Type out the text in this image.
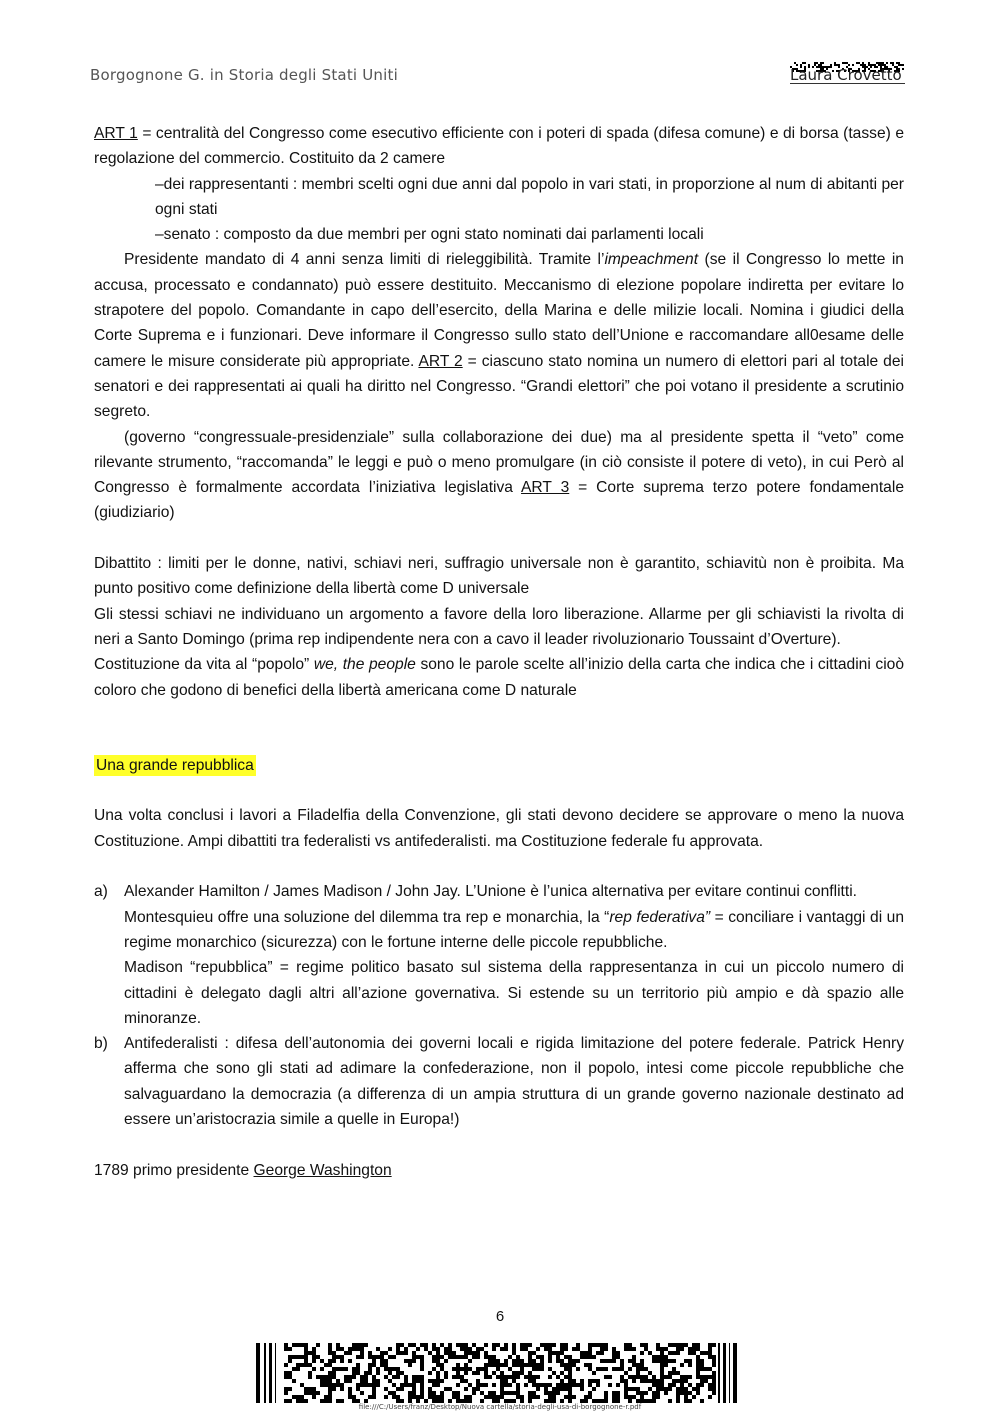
Borgognone G. in Storia degli Stati Uniti	Laura Crovetto

ART 1 = centralità del Congresso come esecutivo efficiente con i poteri di spada (difesa comune) e di borsa (tasse) e regolazione del commercio. Costituito da 2 camere

–dei rappresentanti : membri scelti ogni due anni dal popolo in vari stati, in proporzione al num di abitanti per ogni stati

–senato : composto da due membri per ogni stato nominati dai parlamenti locali

Presidente mandato di 4 anni senza limiti di rieleggibilità. Tramite l’impeachment (se il Congresso lo mette in accusa, processato e condannato) può essere destituito. Meccanismo di elezione popolare indiretta per evitare lo strapotere del popolo. Comandante in capo dell’esercito, della Marina e delle milizie locali. Nomina i giudici della Corte Suprema e i funzionari. Deve informare il Congresso sullo stato dell’Unione e raccomandare all0esame delle camere le misure considerate più appropriate. ART 2 = ciascuno stato nomina un numero di elettori pari al totale dei senatori e dei rappresentati ai quali ha diritto nel Congresso. “Grandi elettori” che poi votano il presidente a scrutinio segreto.

(governo “congressuale-presidenziale” sulla collaborazione dei due) ma al presidente spetta il “veto” come rilevante strumento, “raccomanda” le leggi e può o meno promulgare (in ciò consiste il potere di veto), in cui Però al Congresso è formalmente accordata l’iniziativa legislativa ART 3 = Corte suprema terzo potere fondamentale (giudiziario)

Dibattito : limiti per le donne, nativi, schiavi neri, suffragio universale non è garantito, schiavitù non è proibita. Ma punto positivo come definizione della libertà come D universale

Gli stessi schiavi ne individuano un argomento a favore della loro liberazione. Allarme per gli schiavisti la rivolta di neri a Santo Domingo (prima rep indipendente nera con a cavo il leader rivoluzionario Toussaint d’Overture).

Costituzione da vita al “popolo” we, the people sono le parole scelte all’inizio della carta che indica che i cittadini cioò coloro che godono di benefici della libertà americana come D naturale

Una grande repubblica

Una volta conclusi i lavori a Filadelfia della Convenzione, gli stati devono decidere se approvare o meno la nuova Costituzione. Ampi dibattiti tra federalisti vs antifederalisti. ma Costituzione federale fu approvata.

a) Alexander Hamilton / James Madison / John Jay. L’Unione è l’unica alternativa per evitare continui conflitti.

Montesquieu offre una soluzione del dilemma tra rep e monarchia, la “rep federativa” = conciliare i vantaggi di un regime monarchico (sicurezza) con le fortune interne delle piccole repubbliche.

Madison “repubblica” = regime politico basato sul sistema della rappresentanza in cui un piccolo numero di cittadini è delegato dagli altri all’azione governativa. Si estende su un territorio più ampio e dà spazio alle minoranze.

b) Antifederalisti : difesa dell’autonomia dei governi locali e rigida limitazione del potere federale. Patrick Henry afferma che sono gli stati ad adimare la confederazione, non il popolo, intesi come piccole repubbliche che salvaguardano la democrazia (a differenza di un ampia struttura di un grande governo nazionale destinato ad essere un’aristocrazia simile a quelle in Europa!)

1789 primo presidente George Washington

6
file:///C:/Users/franz/Desktop/Nuova cartella/storia-degli-usa-di-borgognone-r.pdf
